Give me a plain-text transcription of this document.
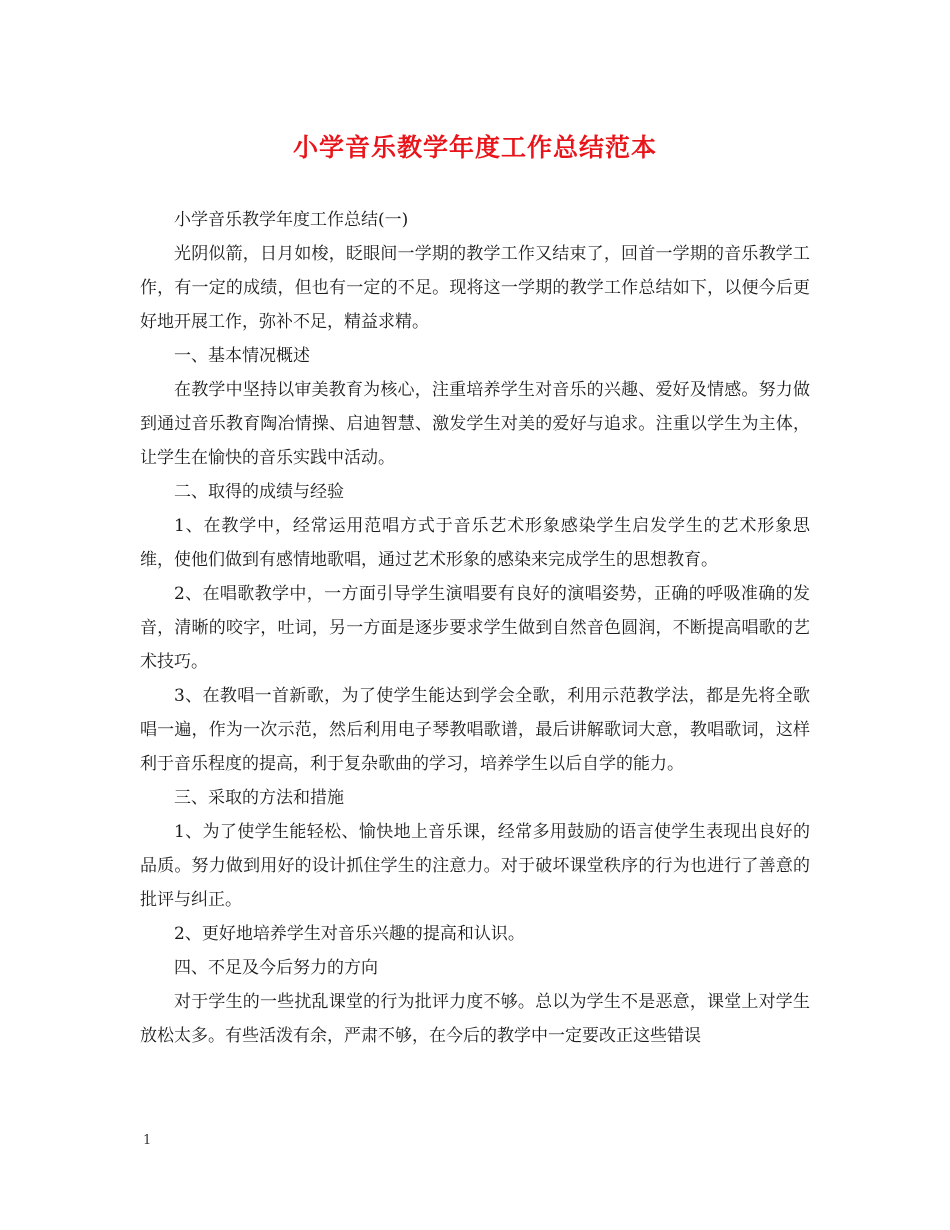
小学音乐教学年度工作总结范本

小学音乐教学年度工作总结(一)

光阴似箭，日月如梭，眨眼间一学期的教学工作又结束了，回首一学期的音乐教学工作，有一定的成绩，但也有一定的不足。现将这一学期的教学工作总结如下，以便今后更好地开展工作，弥补不足，精益求精。

一、基本情况概述

在教学中坚持以审美教育为核心，注重培养学生对音乐的兴趣、爱好及情感。努力做到通过音乐教育陶冶情操、启迪智慧、激发学生对美的爱好与追求。注重以学生为主体，让学生在愉快的音乐实践中活动。

二、取得的成绩与经验

1、在教学中，经常运用范唱方式于音乐艺术形象感染学生启发学生的艺术形象思维，使他们做到有感情地歌唱，通过艺术形象的感染来完成学生的思想教育。

2、在唱歌教学中，一方面引导学生演唱要有良好的演唱姿势，正确的呼吸准确的发音，清晰的咬字，吐词，另一方面是逐步要求学生做到自然音色圆润，不断提高唱歌的艺术技巧。

3、在教唱一首新歌，为了使学生能达到学会全歌，利用示范教学法，都是先将全歌唱一遍，作为一次示范，然后利用电子琴教唱歌谱，最后讲解歌词大意，教唱歌词，这样利于音乐程度的提高，利于复杂歌曲的学习，培养学生以后自学的能力。

三、采取的方法和措施

1、为了使学生能轻松、愉快地上音乐课，经常多用鼓励的语言使学生表现出良好的品质。努力做到用好的设计抓住学生的注意力。对于破坏课堂秩序的行为也进行了善意的批评与纠正。

2、更好地培养学生对音乐兴趣的提高和认识。

四、不足及今后努力的方向

对于学生的一些扰乱课堂的行为批评力度不够。总以为学生不是恶意，课堂上对学生放松太多。有些活泼有余，严肃不够，在今后的教学中一定要改正这些错误

1
